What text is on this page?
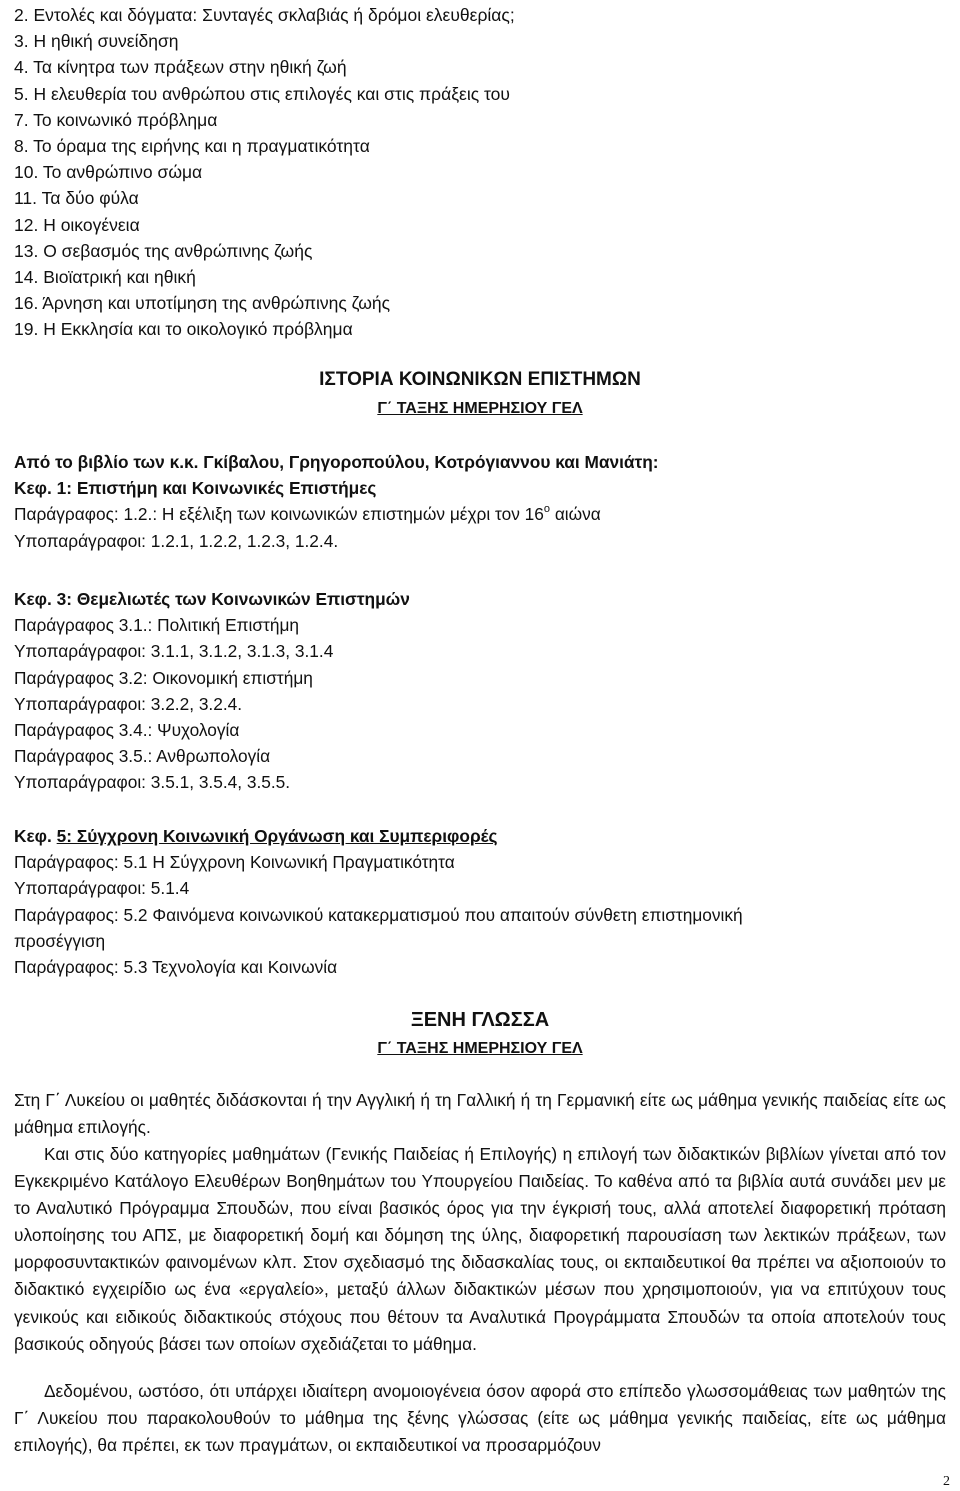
2. Εντολές και δόγματα: Συνταγές σκλαβιάς ή δρόμοι ελευθερίας;
3. Η ηθική συνείδηση
4. Τα κίνητρα των πράξεων στην ηθική ζωή
5. Η ελευθερία του ανθρώπου στις επιλογές και στις πράξεις του
7. Το κοινωνικό πρόβλημα
8. Το όραμα της ειρήνης και η πραγματικότητα
10. Το ανθρώπινο σώμα
11. Τα δύο φύλα
12. Η οικογένεια
13. Ο σεβασμός της ανθρώπινης ζωής
14. Βιοϊατρική και ηθική
16. Άρνηση και υποτίμηση της ανθρώπινης ζωής
19. Η Εκκλησία και το οικολογικό πρόβλημα
ΙΣΤΟΡΙΑ ΚΟΙΝΩΝΙΚΩΝ ΕΠΙΣΤΗΜΩΝ
Γ΄ ΤΑΞΗΣ ΗΜΕΡΗΣΙΟΥ ΓΕΛ
Από το βιβλίο των κ.κ. Γκίβαλου, Γρηγοροπούλου, Κοτρόγιαννου και Μανιάτη:
Κεφ. 1: Επιστήμη και Κοινωνικές Επιστήμες
Παράγραφος: 1.2.: Η εξέλιξη των κοινωνικών επιστημών μέχρι τον $16^o$ αιώνα
Υποπαράγραφοι: 1.2.1, 1.2.2, 1.2.3, 1.2.4.
Κεφ. 3: Θεμελιωτές των Κοινωνικών Επιστημών
Παράγραφος 3.1.: Πολιτική Επιστήμη
Υποπαράγραφοι: 3.1.1, 3.1.2, 3.1.3, 3.1.4
Παράγραφος 3.2: Οικονομική επιστήμη
Υποπαράγραφοι: 3.2.2, 3.2.4.
Παράγραφος 3.4.: Ψυχολογία
Παράγραφος 3.5.: Ανθρωπολογία
Υποπαράγραφοι: 3.5.1, 3.5.4, 3.5.5.
Κεφ. 5: Σύγχρονη Κοινωνική Οργάνωση και Συμπεριφορές
Παράγραφος: 5.1 Η Σύγχρονη Κοινωνική Πραγματικότητα
Υποπαράγραφοι: 5.1.4
Παράγραφος: 5.2 Φαινόμενα κοινωνικού κατακερματισμού που απαιτούν σύνθετη επιστημονική
προσέγγιση
Παράγραφος: 5.3 Τεχνολογία και Κοινωνία
ΞΕΝΗ ΓΛΩΣΣΑ
Γ΄ ΤΑΞΗΣ ΗΜΕΡΗΣΙΟΥ ΓΕΛ

Στη Γ΄ Λυκείου οι μαθητές διδάσκονται ή την Αγγλική ή τη Γαλλική ή τη Γερμανική είτε ως μάθημα γενικής παιδείας είτε ως μάθημα επιλογής.

Και στις δύο κατηγορίες μαθημάτων (Γενικής Παιδείας ή Επιλογής) η επιλογή των διδακτικών βιβλίων γίνεται από τον Εγκεκριμένο Κατάλογο Ελευθέρων Βοηθημάτων του Υπουργείου Παιδείας. Το καθένα από τα βιβλία αυτά συνάδει μεν με το Αναλυτικό Πρόγραμμα Σπουδών, που είναι βασικός όρος για την έγκρισή τους, αλλά αποτελεί διαφορετική πρόταση υλοποίησης του ΑΠΣ, με διαφορετική δομή και δόμηση της ύλης, διαφορετική παρουσίαση των λεκτικών πράξεων, των μορφοσυντακτικών φαινομένων κλπ. Στον σχεδιασμό της διδασκαλίας τους, οι εκπαιδευτικοί θα πρέπει να αξιοποιούν το διδακτικό εγχειρίδιο ως ένα «εργαλείο», μεταξύ άλλων διδακτικών μέσων που χρησιμοποιούν, για να επιτύχουν τους γενικούς και ειδικούς διδακτικούς στόχους που θέτουν τα Αναλυτικά Προγράμματα Σπουδών τα οποία αποτελούν τους βασικούς οδηγούς βάσει των οποίων σχεδιάζεται το μάθημα.

Δεδομένου, ωστόσο, ότι υπάρχει ιδιαίτερη ανομοιογένεια όσον αφορά στο επίπεδο γλωσσομάθειας των μαθητών της Γ΄ Λυκείου που παρακολουθούν το μάθημα της ξένης γλώσσας (είτε ως μάθημα γενικής παιδείας, είτε ως μάθημα επιλογής), θα πρέπει, εκ των πραγμάτων, οι εκπαιδευτικοί να προσαρμόζουν

2
